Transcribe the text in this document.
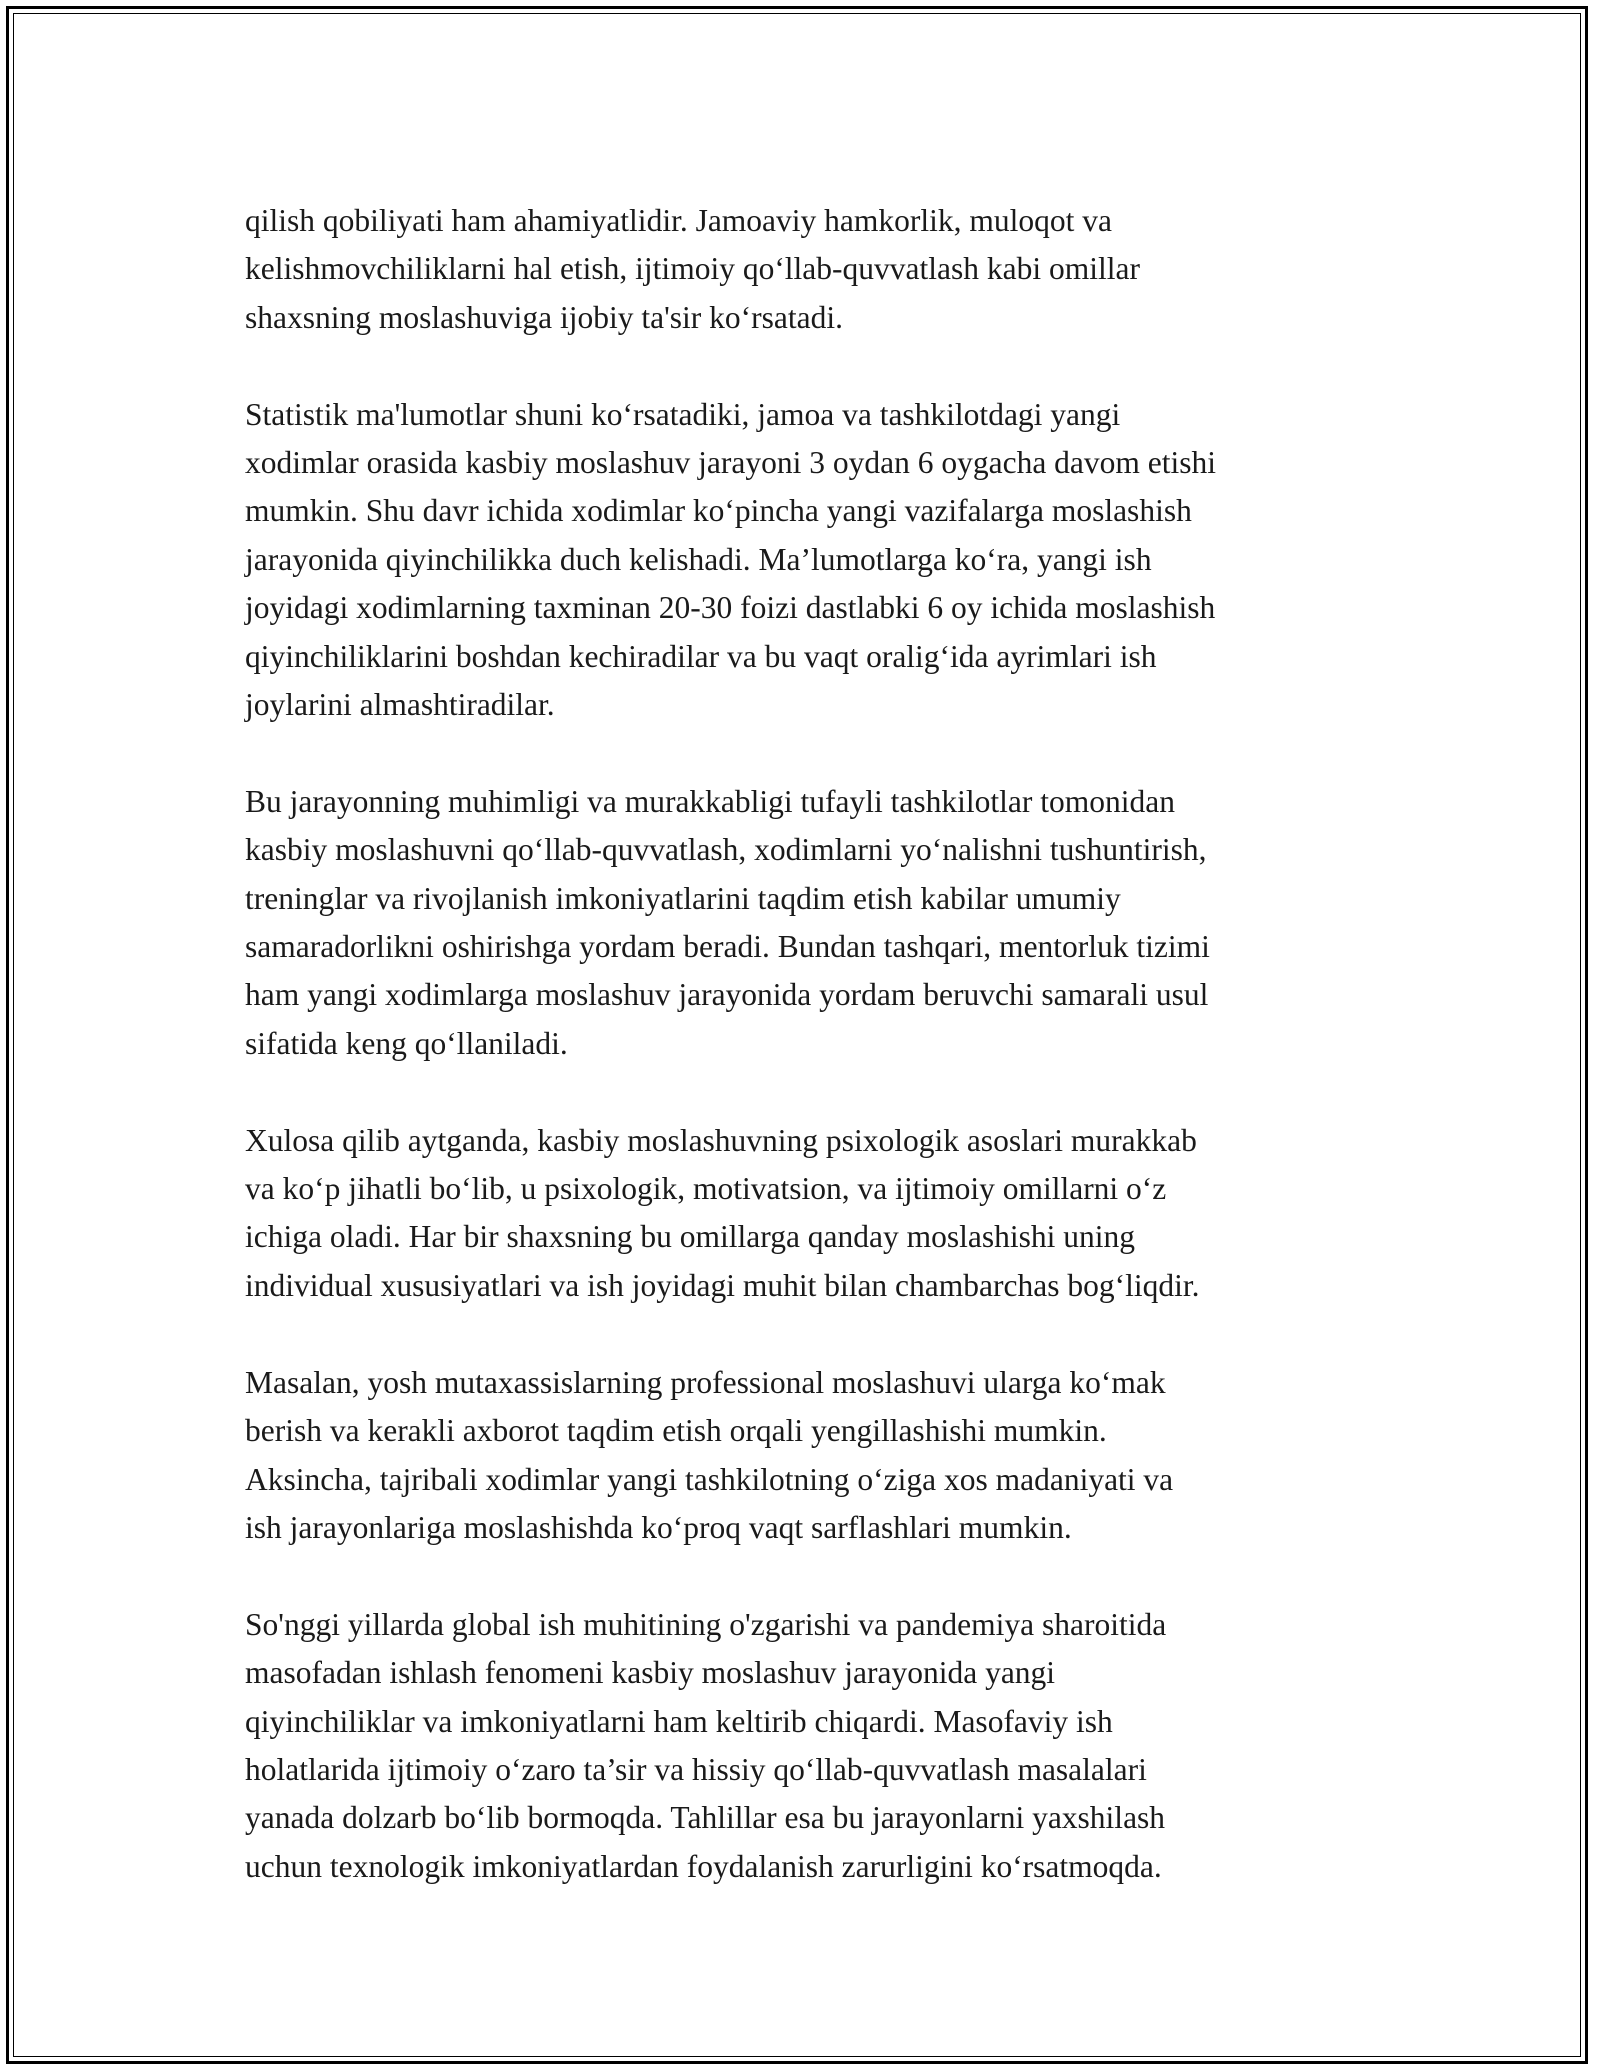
qilish qobiliyati ham ahamiyatlidir. Jamoaviy hamkorlik, muloqot va
kelishmovchiliklarni hal etish, ijtimoiy qo‘llab-quvvatlash kabi omillar
shaxsning moslashuviga ijobiy ta'sir ko‘rsatadi.

Statistik ma'lumotlar shuni ko‘rsatadiki, jamoa va tashkilotdagi yangi
xodimlar orasida kasbiy moslashuv jarayoni 3 oydan 6 oygacha davom etishi
mumkin. Shu davr ichida xodimlar ko‘pincha yangi vazifalarga moslashish
jarayonida qiyinchilikka duch kelishadi. Ma’lumotlarga ko‘ra, yangi ish
joyidagi xodimlarning taxminan 20-30 foizi dastlabki 6 oy ichida moslashish
qiyinchiliklarini boshdan kechiradilar va bu vaqt oralig‘ida ayrimlari ish
joylarini almashtiradilar.

Bu jarayonning muhimligi va murakkabligi tufayli tashkilotlar tomonidan
kasbiy moslashuvni qo‘llab-quvvatlash, xodimlarni yo‘nalishni tushuntirish,
treninglar va rivojlanish imkoniyatlarini taqdim etish kabilar umumiy
samaradorlikni oshirishga yordam beradi. Bundan tashqari, mentorluk tizimi
ham yangi xodimlarga moslashuv jarayonida yordam beruvchi samarali usul
sifatida keng qo‘llaniladi.

Xulosa qilib aytganda, kasbiy moslashuvning psixologik asoslari murakkab
va ko‘p jihatli bo‘lib, u psixologik, motivatsion, va ijtimoiy omillarni o‘z
ichiga oladi. Har bir shaxsning bu omillarga qanday moslashishi uning
individual xususiyatlari va ish joyidagi muhit bilan chambarchas bog‘liqdir.

Masalan, yosh mutaxassislarning professional moslashuvi ularga ko‘mak
berish va kerakli axborot taqdim etish orqali yengillashishi mumkin.
Aksincha, tajribali xodimlar yangi tashkilotning o‘ziga xos madaniyati va
ish jarayonlariga moslashishda ko‘proq vaqt sarflashlari mumkin.

So'nggi yillarda global ish muhitining o'zgarishi va pandemiya sharoitida
masofadan ishlash fenomeni kasbiy moslashuv jarayonida yangi
qiyinchiliklar va imkoniyatlarni ham keltirib chiqardi. Masofaviy ish
holatlarida ijtimoiy o‘zaro ta’sir va hissiy qo‘llab-quvvatlash masalalari
yanada dolzarb bo‘lib bormoqda. Tahlillar esa bu jarayonlarni yaxshilash
uchun texnologik imkoniyatlardan foydalanish zarurligini ko‘rsatmoqda.
